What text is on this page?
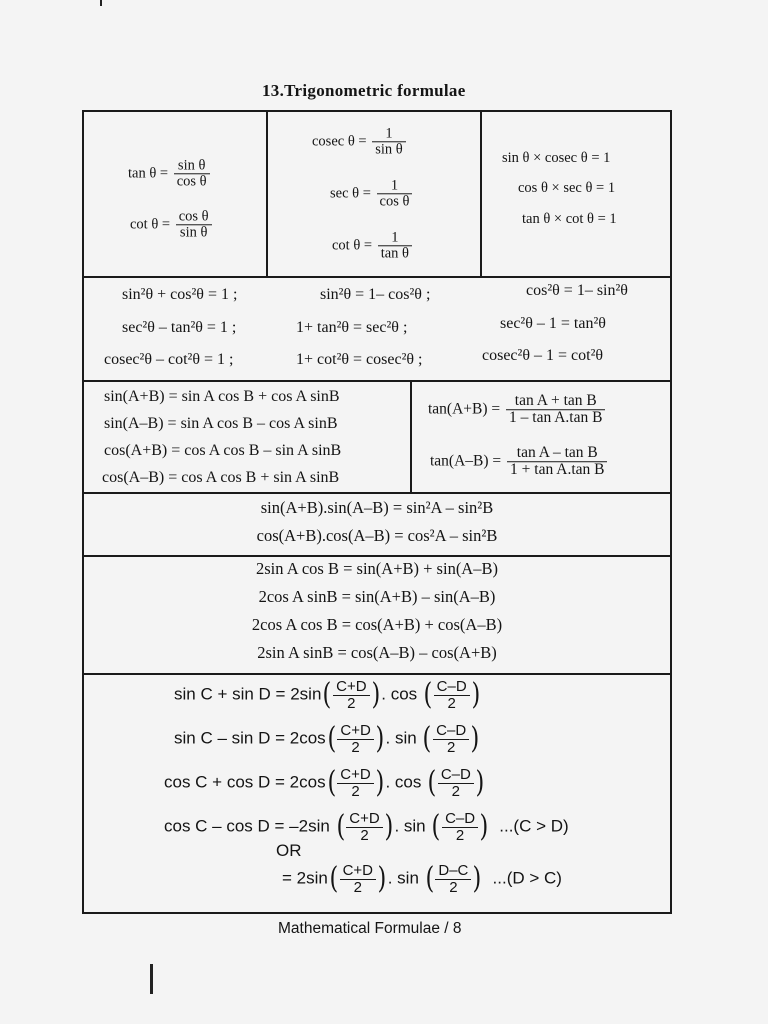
13.Trigonometric formulae
$\tan \theta = \frac{\text{sin θ}}{\text{cos θ}}$
$\cot \theta = \frac{\text{cos θ}}{\text{sin θ}}$
cosec $\theta = \frac{1}{\text{sin θ}}$
$\sec \theta = \frac{1}{\text{cos θ}}$
$\cot \theta = \frac{1}{\text{tan θ}}$
sin θ × cosec θ = 1
cos θ × sec θ = 1
tan θ × cot θ = 1
sin²θ + cos²θ = 1 ;	sin²θ = 1– cos²θ ;	cos²θ = 1– sin²θ
sec²θ – tan²θ = 1 ;	1+ tan²θ = sec²θ ;	sec²θ – 1 = tan²θ
cosec²θ – cot²θ = 1 ;	1+ cot²θ = cosec²θ ;	cosec²θ – 1 = cot²θ
sin(A+B) = sin A cos B + cos A sinB
sin(A–B) = sin A cos B – cos A sinB
cos(A+B) = cos A cos B – sin A sinB
cos(A–B) = cos A cos B + sin A sinB
$\tan(A+B) = \frac{\text{tan A + tan B}}{\text{1 – tan A.tan B}}$
$\tan(A-B) = \frac{\text{tan A – tan B}}{\text{1 + tan A.tan B}}$
sin(A+B).sin(A–B) = sin²A – sin²B
cos(A+B).cos(A–B) = cos²A – sin²B
2sin A cos B = sin(A+B) + sin(A–B)
2cos A sinB = sin(A+B) – sin(A–B)
2cos A cos B = cos(A+B) + cos(A–B)
2sin A sinB = cos(A–B) – cos(A+B)
$\sin C + \sin D = 2\sin( \frac{C+D}{2}$ ). cos ( $\frac{C-D}{2}$ )
$\sin C - \sin D = 2\cos( \frac{C+D}{2}$ ). sin ( $\frac{C-D}{2}$ )
$\cos C + \cos D = 2\cos( \frac{C+D}{2}$ ). cos ( $\frac{C-D}{2}$ )
cos C – cos D = –2sin ( $\frac{C+D}{2}$ ). sin ( $\frac{C-D}{2}$ ) ...(C > D)
OR
= $2\sin( \frac{C+D}{2}$ ). sin ( $\frac{D-C}{2}$ ) ...(D > C)
Mathematical Formulae / 8
